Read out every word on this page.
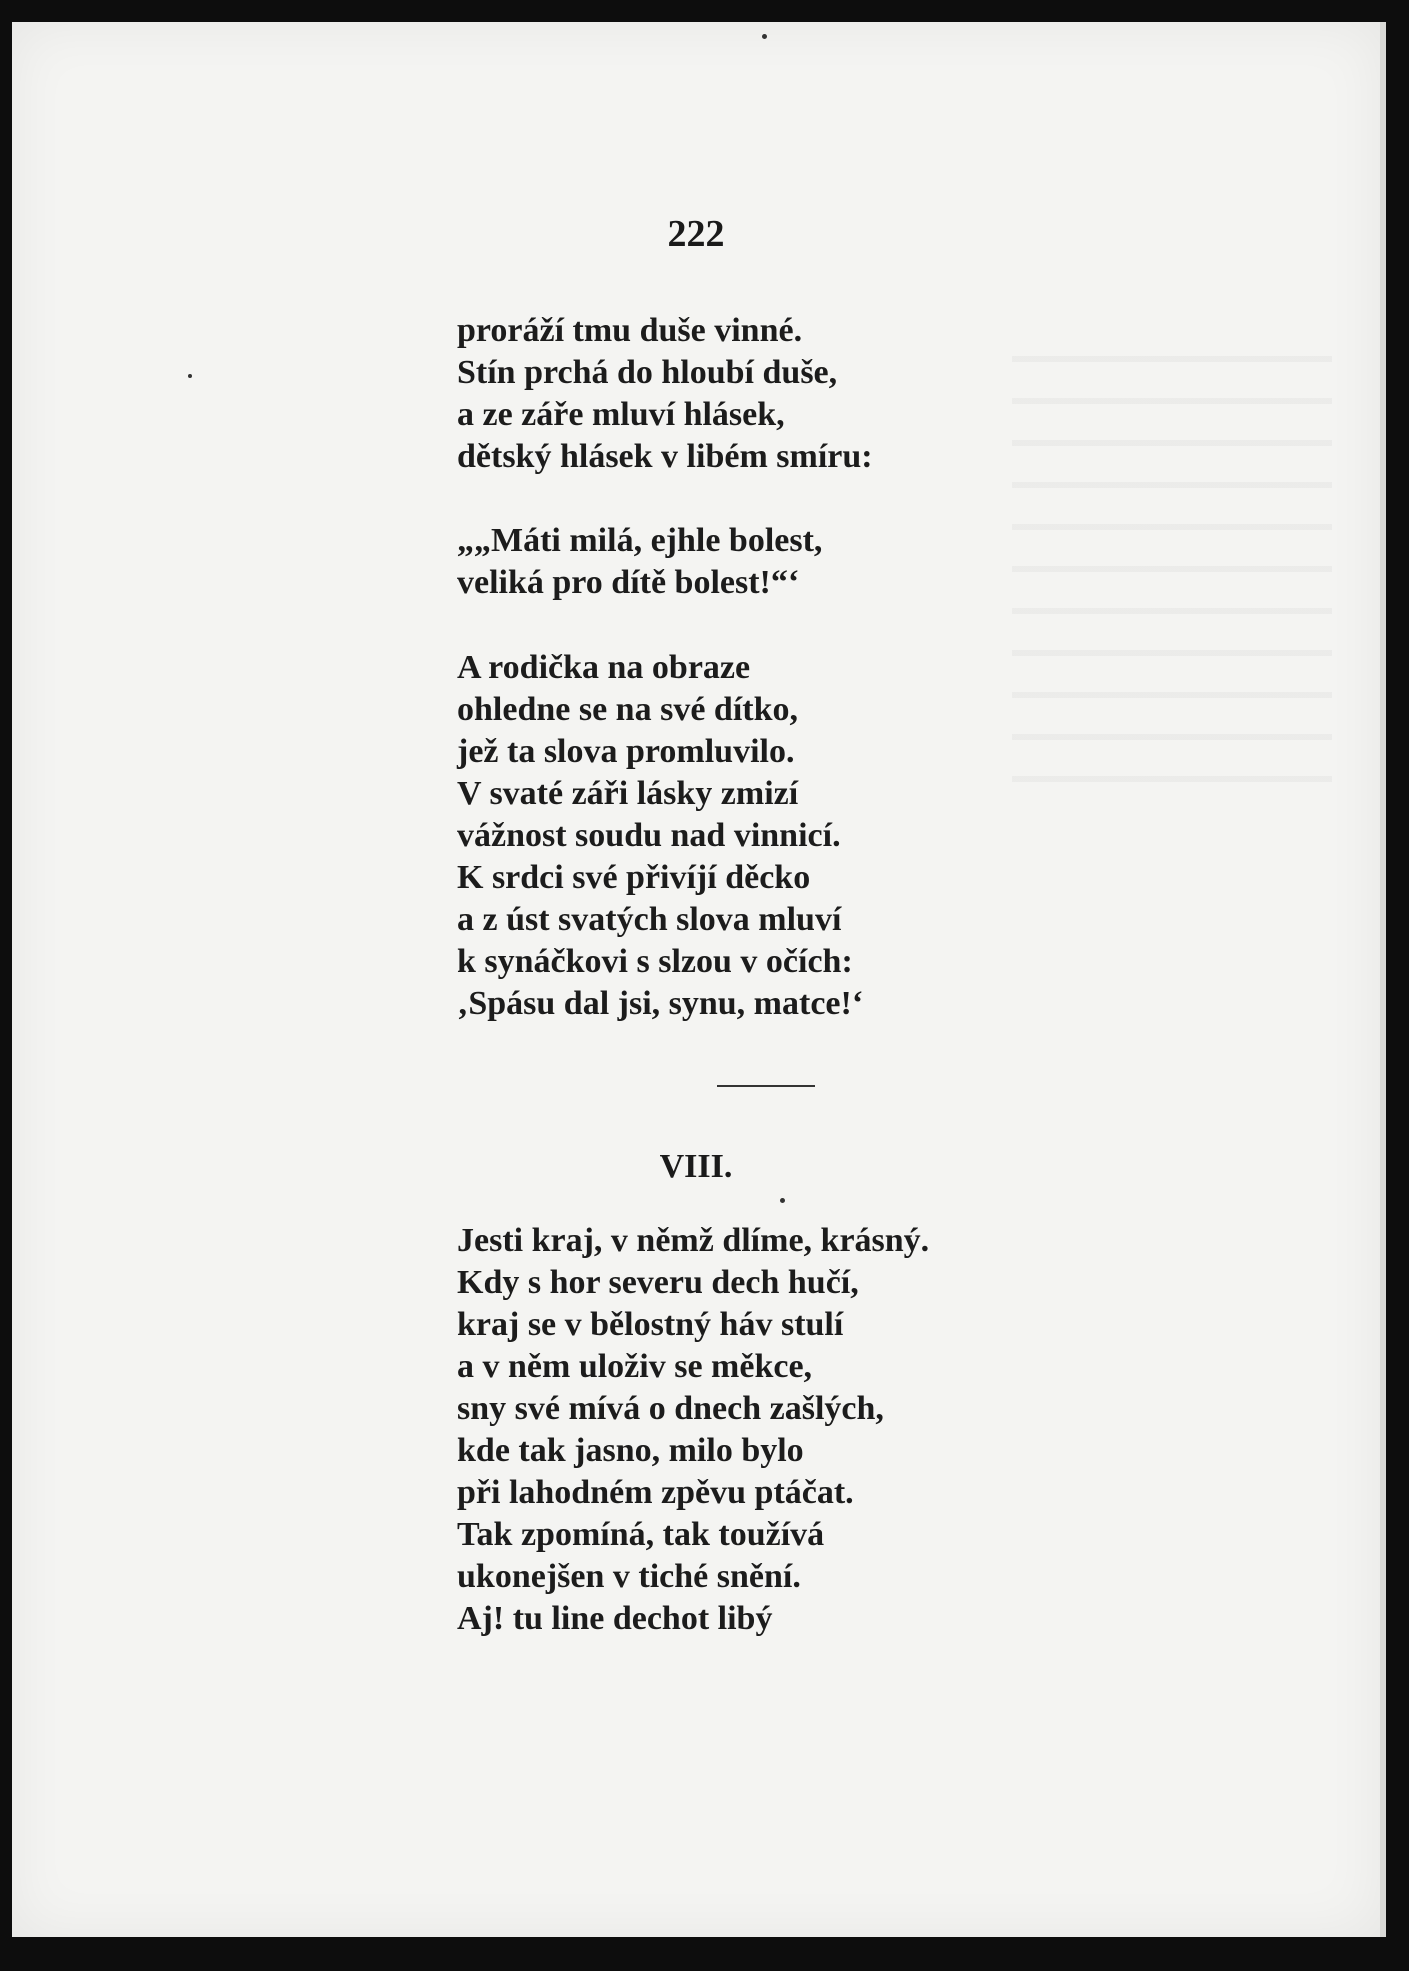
222
proráží tmu duše vinné.
Stín prchá do hloubí duše,
a ze záře mluví hlásek,
dětský hlásek v libém smíru:
„„Máti milá, ejhle bolest,
veliká pro dítě bolest!“‘
A rodička na obraze
ohledne se na své dítko,
jež ta slova promluvilo.
V svaté záři lásky zmizí
vážnost soudu nad vinnicí.
K srdci své přivíjí děcko
a z úst svatých slova mluví
k synáčkovi s slzou v očích:
‚Spásu dal jsi, synu, matce!‘
VIII.
Jesti kraj, v němž dlíme, krásný.
Kdy s hor severu dech hučí,
kraj se v bělostný háv stulí
a v něm uloživ se měkce,
sny své mívá o dnech zašlých,
kde tak jasno, milo bylo
při lahodném zpěvu ptáčat.
Tak zpomíná, tak toužívá
ukonejšen v tiché snění.
Aj! tu line dechot libý
